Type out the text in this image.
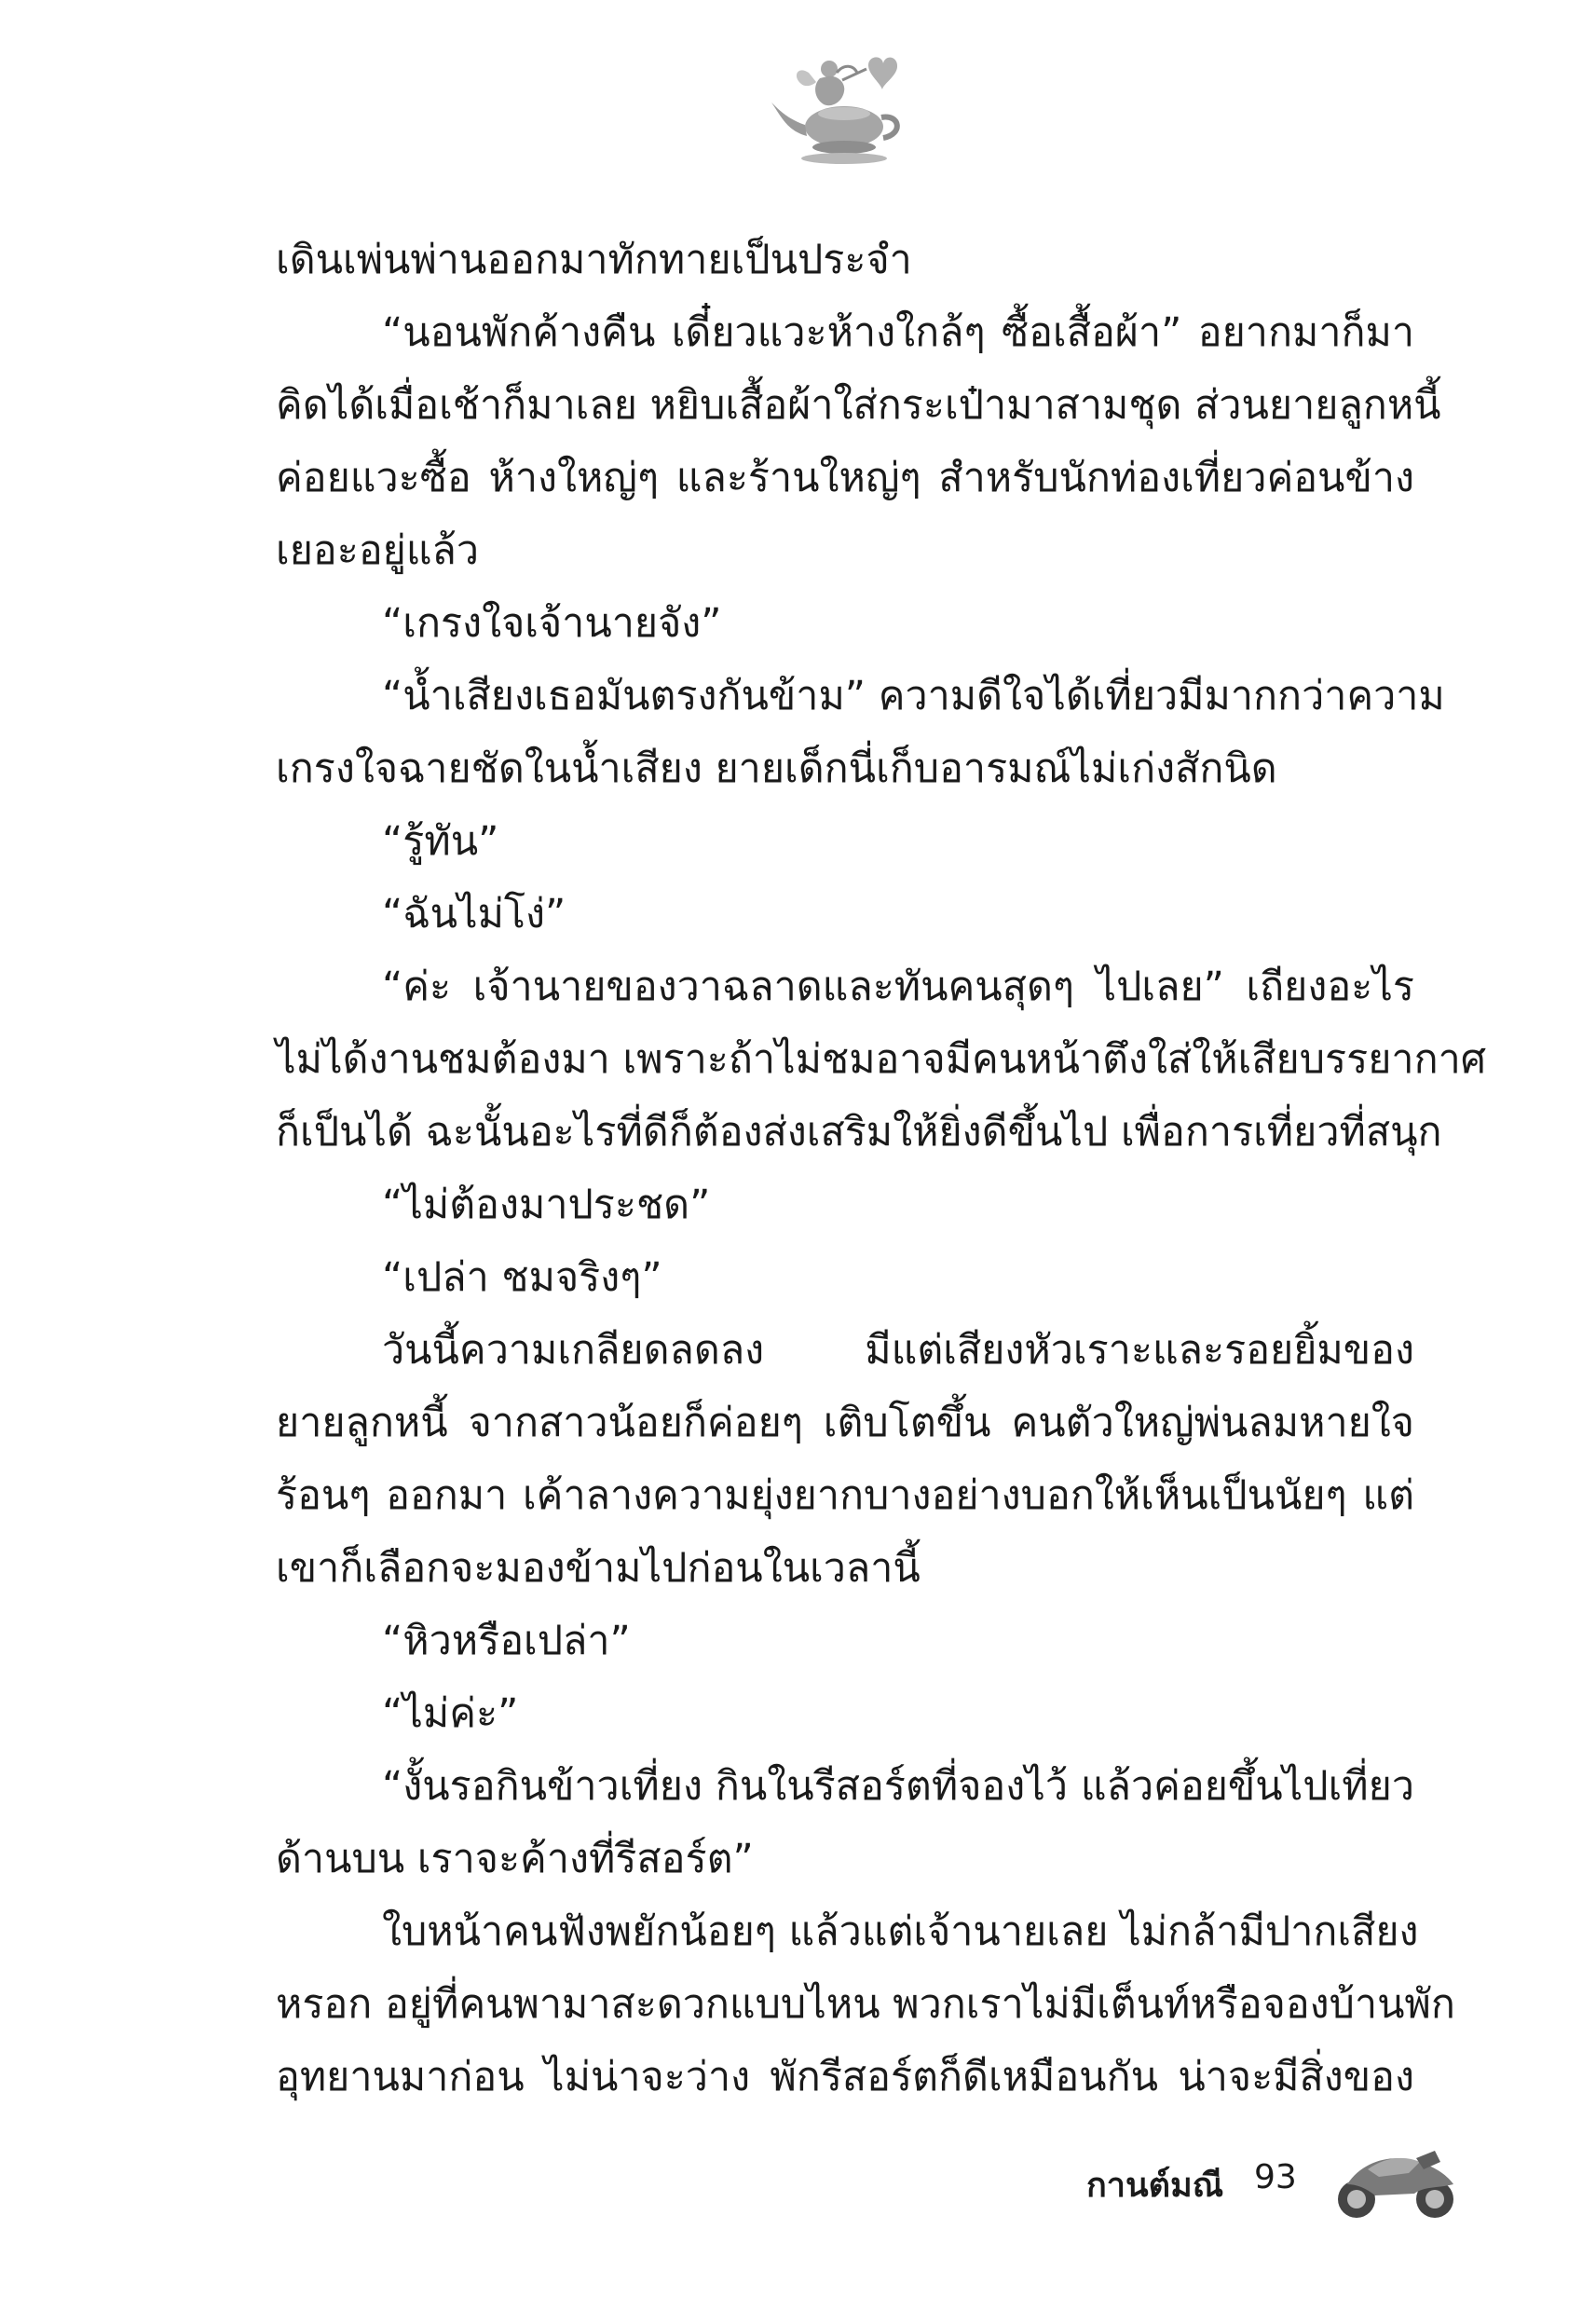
เดินเพ่นพ่านออกมาทักทายเป็นประจำ
“นอนพักค้างคืน เดี๋ยวแวะห้างใกล้ๆ ซื้อเสื้อผ้า” อยากมาก็มา
คิดได้เมื่อเช้าก็มาเลย หยิบเสื้อผ้าใส่กระเป๋ามาสามชุด ส่วนยายลูกหนี้
ค่อยแวะซื้อ ห้างใหญ่ๆ และร้านใหญ่ๆ สำหรับนักท่องเที่ยวค่อนข้าง
เยอะอยู่แล้ว
“เกรงใจเจ้านายจัง”
“น้ำเสียงเธอมันตรงกันข้าม” ความดีใจได้เที่ยวมีมากกว่าความ
เกรงใจฉายชัดในน้ำเสียง ยายเด็กนี่เก็บอารมณ์ไม่เก่งสักนิด
“รู้ทัน”
“ฉันไม่โง่”
“ค่ะ เจ้านายของวาฉลาดและทันคนสุดๆ ไปเลย” เถียงอะไร
ไม่ได้งานชมต้องมา เพราะถ้าไม่ชมอาจมีคนหน้าตึงใส่ให้เสียบรรยากาศ
ก็เป็นได้ ฉะนั้นอะไรที่ดีก็ต้องส่งเสริมให้ยิ่งดีขึ้นไป เพื่อการเที่ยวที่สนุก
“ไม่ต้องมาประชด”
“เปล่า ชมจริงๆ”
วันนี้ความเกลียดลดลง มีแต่เสียงหัวเราะและรอยยิ้มของ
ยายลูกหนี้ จากสาวน้อยก็ค่อยๆ เติบโตขึ้น คนตัวใหญ่พ่นลมหายใจ
ร้อนๆ ออกมา เค้าลางความยุ่งยากบางอย่างบอกให้เห็นเป็นนัยๆ แต่
เขาก็เลือกจะมองข้ามไปก่อนในเวลานี้
“หิวหรือเปล่า”
“ไม่ค่ะ”
“งั้นรอกินข้าวเที่ยง กินในรีสอร์ตที่จองไว้ แล้วค่อยขึ้นไปเที่ยว
ด้านบน เราจะค้างที่รีสอร์ต”
ใบหน้าคนฟังพยักน้อยๆ แล้วแต่เจ้านายเลย ไม่กล้ามีปากเสียง
หรอก อยู่ที่คนพามาสะดวกแบบไหน พวกเราไม่มีเต็นท์หรือจองบ้านพัก
อุทยานมาก่อน ไม่น่าจะว่าง พักรีสอร์ตก็ดีเหมือนกัน น่าจะมีสิ่งของ
กานต์มณี 93
